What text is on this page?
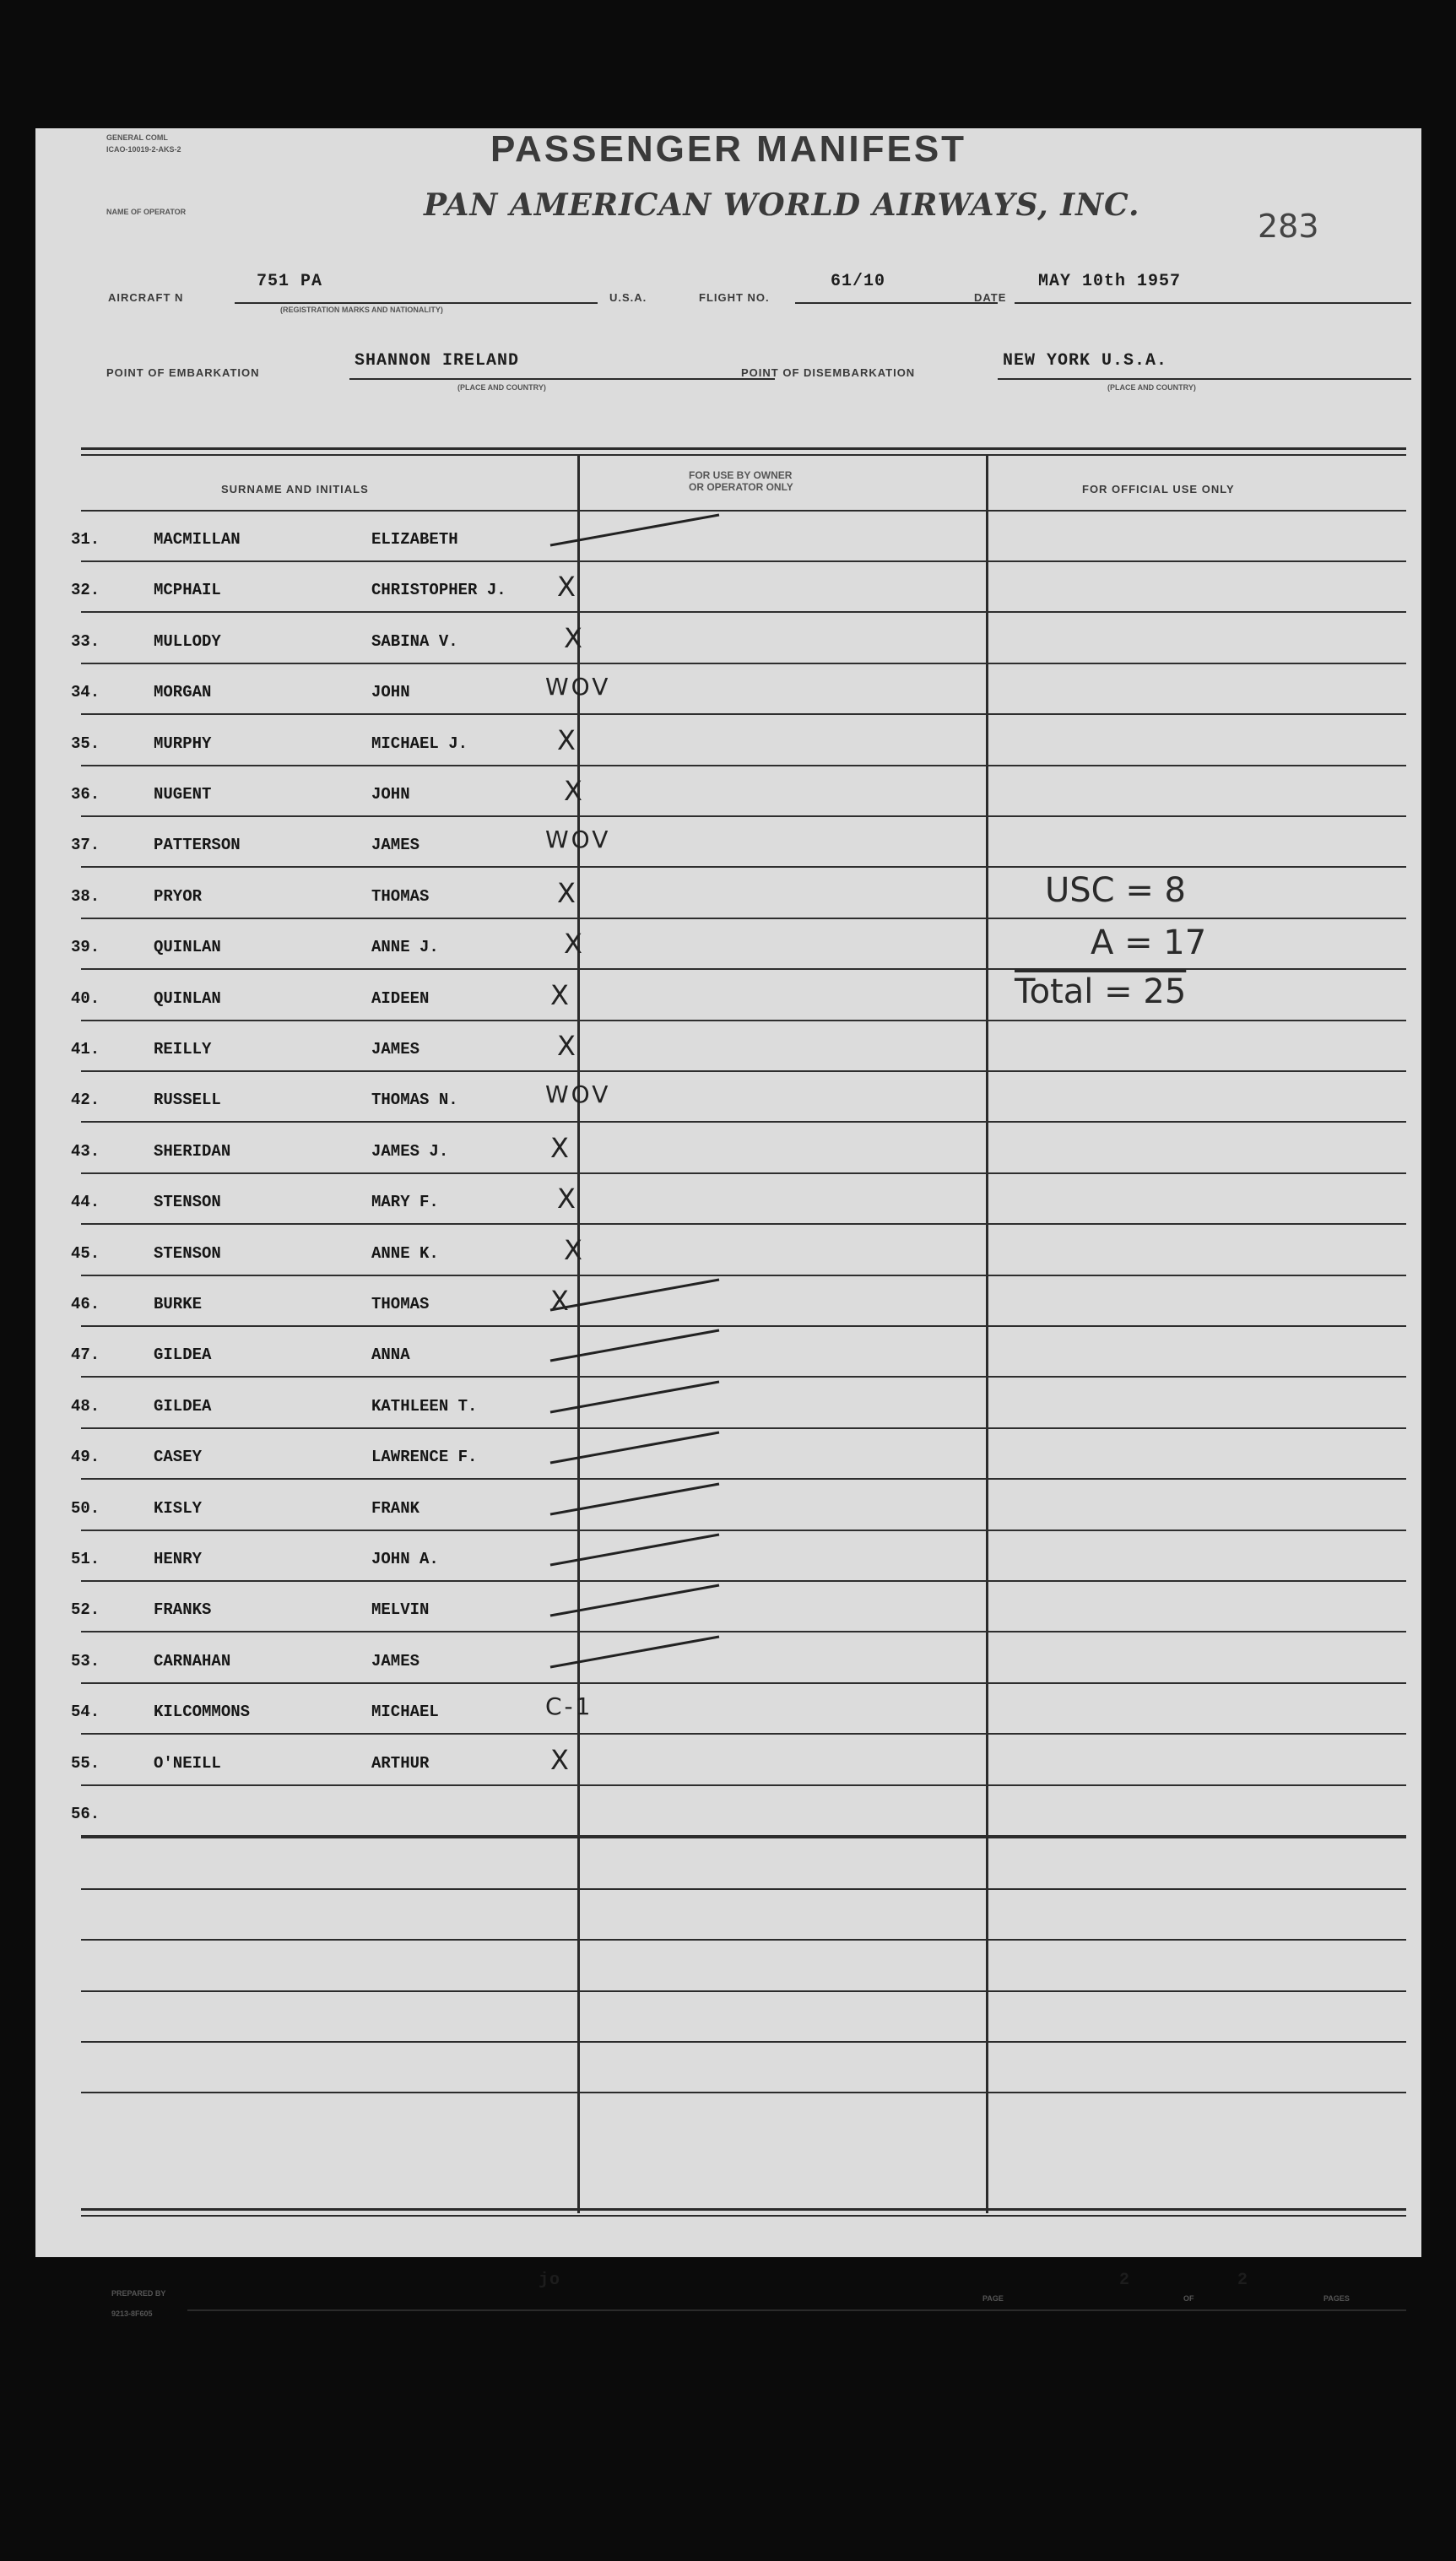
GENERAL COML
ICAO-10019-2-AKS-2
NAME OF OPERATOR
PASSENGER MANIFEST
PAN AMERICAN WORLD AIRWAYS, INC.
283
AIRCRAFT N
751 PA
(REGISTRATION MARKS AND NATIONALITY)
U.S.A.	FLIGHT NO.
61/10
DATE
MAY 10th 1957
POINT OF EMBARKATION
SHANNON IRELAND
(PLACE AND COUNTRY)
POINT OF DISEMBARKATION
NEW YORK U.S.A.
(PLACE AND COUNTRY)
SURNAME AND INITIALS
FOR USE BY OWNER
OR OPERATOR ONLY	FOR OFFICIAL USE ONLY
31.	MACMILLAN	ELIZABETH
32.	MCPHAIL	CHRISTOPHER J. X
33.	MULLODY	SABINA V.	X
34.	MORGAN	JOHN	WOV
35.	MURPHY	MICHAEL J.	X
36.	NUGENT	JOHN	X
37.	PATTERSON	JAMES	WOV
38.	PRYOR	THOMAS	X
39.	QUINLAN	ANNE J.	X
40.	QUINLAN	AIDEEN	X
41.	REILLY	JAMES	X
42.	RUSSELL	THOMAS N.	WOV
43.	SHERIDAN	JAMES J.	X
44.	STENSON	MARY F.	X
45.	STENSON	ANNE K.	X
46.	BURKE	THOMAS	X
47.	GILDEA	ANNA
48.	GILDEA	KATHLEEN T.
49.	CASEY	LAWRENCE F.
50.	KISLY	FRANK
51.	HENRY	JOHN A.
52.	FRANKS	MELVIN
53.	CARNAHAN	JAMES
54.	KILCOMMONS	MICHAEL	C-1
55.	O'NEILL	ARTHUR	X
56.
USC = 8
A = 17
Total = 25
PREPARED BY
9213-8F605
jo
PAGE
2
OF
2
PAGES
